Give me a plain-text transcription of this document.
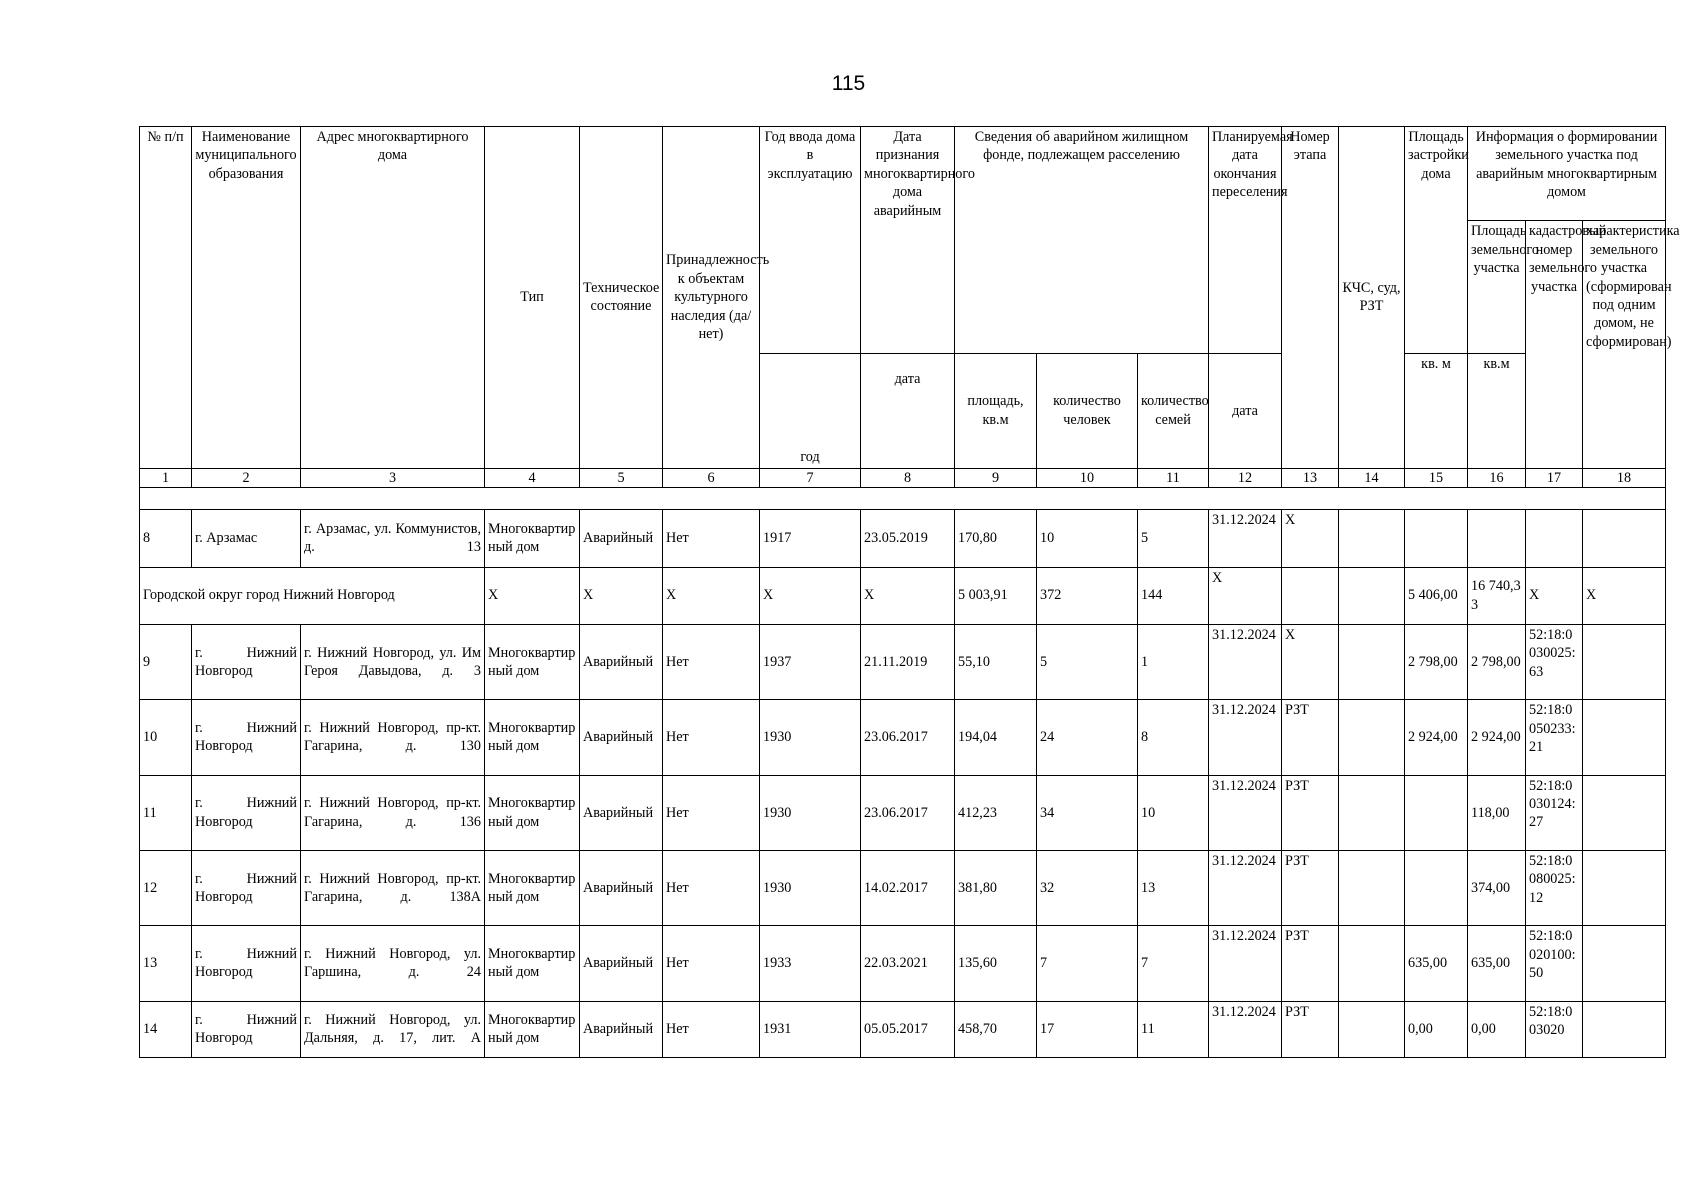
115
№ п/п	Наименование муниципального образования	Адрес многоквартирного дома	Тип	Техническое состояние	Принадлежность к объектам культурного наследия (да/нет)	Год ввода дома в эксплуатацию	Дата признания многоквартирного дома аварийным	Сведения об аварийном жилищном фонде, подлежащем расселению			Планируемая дата окончания переселения	Номер этапа	КЧС, суд, РЗТ	Площадь застройки дома	Информация о формировании земельного участка под аварийным многоквартирным домом		
															Площадь земельного участка	кадастровый номер земельного участка	характеристика земельного участка (сформирован под одним домом, не сформирован)
						год	дата	площадь, кв.м	количество человек	количество семей	дата			кв. м	кв.м		
1	2	3	4	5	6	7	8	9	10	11	12	13	14	15	16	17	18

8	г. Арзамас	г. Арзамас, ул. Коммунистов, д. 13	Многоквартирный дом	Аварийный	Нет	1917	23.05.2019	170,80	10	5	31.12.2024	Х					
Городской округ город Нижний Новгород			Х	Х	Х	Х	Х	5 003,91	372	144	Х			5 406,00	16 740,33	Х	Х
9	г. Нижний Новгород	г. Нижний Новгород, ул. Им Героя Давыдова, д. 3	Многоквартирный дом	Аварийный	Нет	1937	21.11.2019	55,10	5	1	31.12.2024	Х		2 798,00	2 798,00	52:18:0030025:63	
10	г. Нижний Новгород	г. Нижний Новгород, пр-кт. Гагарина, д. 130	Многоквартирный дом	Аварийный	Нет	1930	23.06.2017	194,04	24	8	31.12.2024	РЗТ		2 924,00	2 924,00	52:18:0050233:21	
11	г. Нижний Новгород	г. Нижний Новгород, пр-кт. Гагарина, д. 136	Многоквартирный дом	Аварийный	Нет	1930	23.06.2017	412,23	34	10	31.12.2024	РЗТ			118,00	52:18:0030124:27	
12	г. Нижний Новгород	г. Нижний Новгород, пр-кт. Гагарина, д. 138А	Многоквартирный дом	Аварийный	Нет	1930	14.02.2017	381,80	32	13	31.12.2024	РЗТ			374,00	52:18:0080025:12	
13	г. Нижний Новгород	г. Нижний Новгород, ул. Гаршина, д. 24	Многоквартирный дом	Аварийный	Нет	1933	22.03.2021	135,60	7	7	31.12.2024	РЗТ		635,00	635,00	52:18:0020100:50	
14	г. Нижний Новгород	г. Нижний Новгород, ул. Дальняя, д. 17, лит. А	Многоквартирный дом	Аварийный	Нет	1931	05.05.2017	458,70	17	11	31.12.2024	РЗТ		0,00	0,00	52:18:003020	
